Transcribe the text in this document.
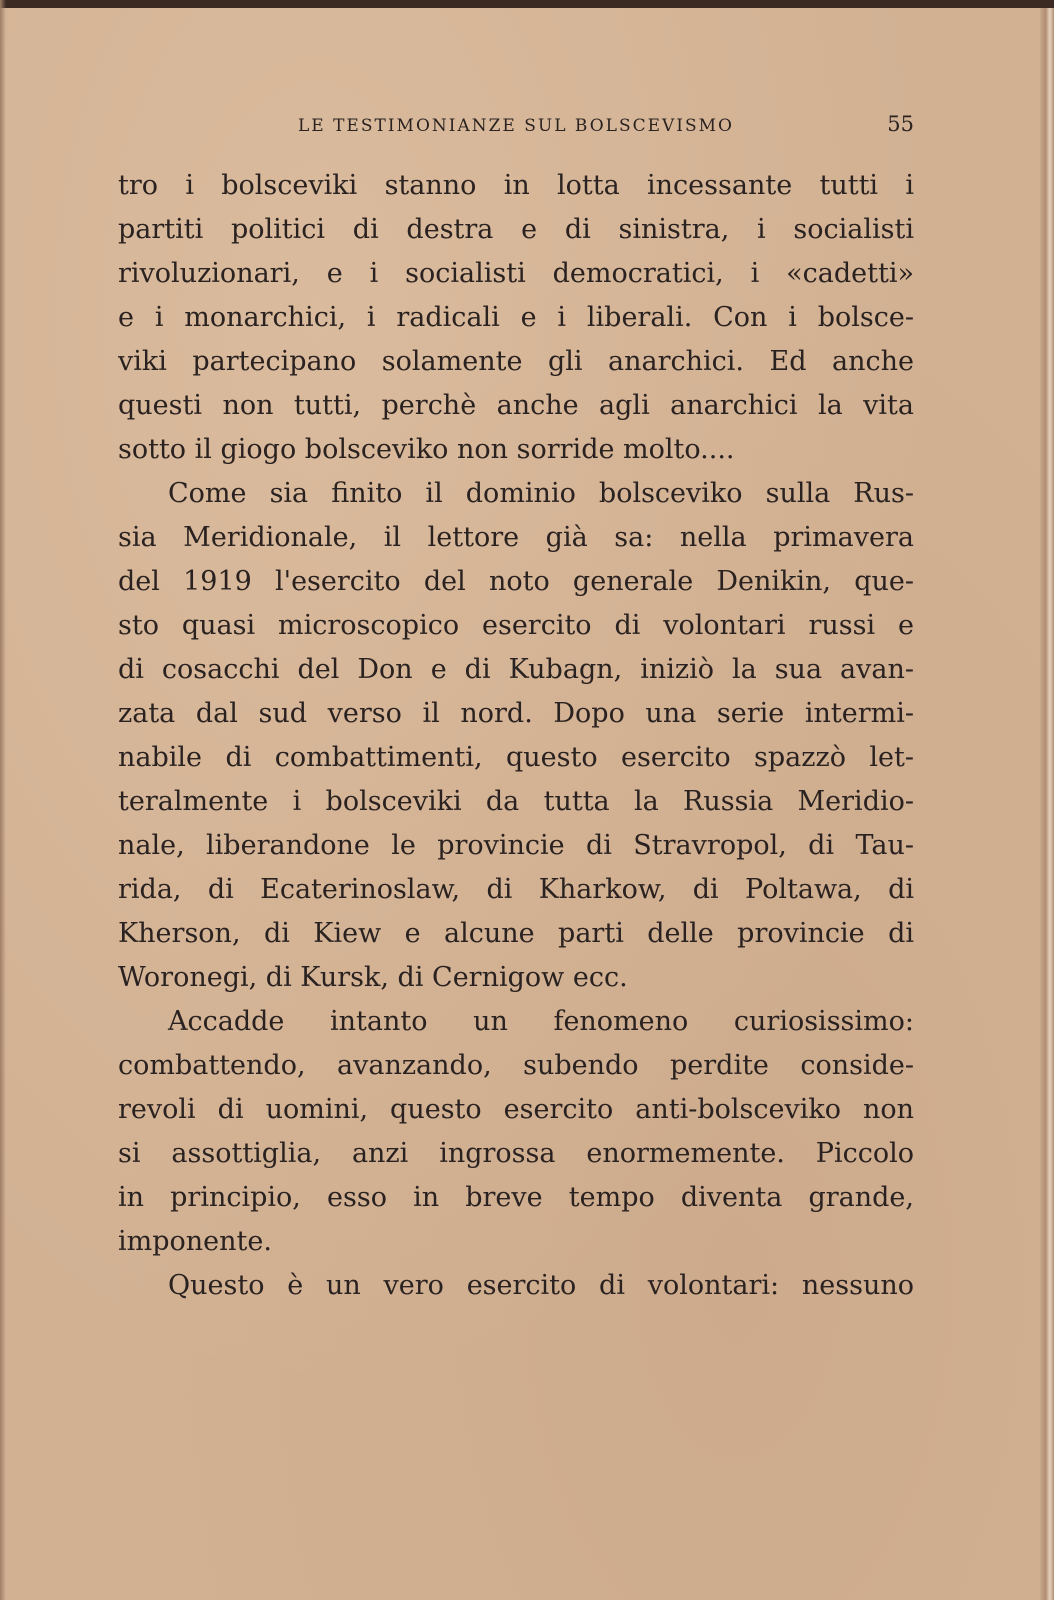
LE TESTIMONIANZE SUL BOLSCEVISMO	55
tro i bolsceviki stanno in lotta incessante tutti i
partiti politici di destra e di sinistra, i socialisti
rivoluzionari, e i socialisti democratici, i «cadetti»
e i monarchici, i radicali e i liberali. Con i bolsce-
viki partecipano solamente gli anarchici. Ed anche
questi non tutti, perchè anche agli anarchici la vita
sotto il giogo bolsceviko non sorride molto....
Come sia finito il dominio bolsceviko sulla Rus-
sia Meridionale, il lettore già sa: nella primavera
del 1919 l'esercito del noto generale Denikin, que-
sto quasi microscopico esercito di volontari russi e
di cosacchi del Don e di Kubagn, iniziò la sua avan-
zata dal sud verso il nord. Dopo una serie intermi-
nabile di combattimenti, questo esercito spazzò let-
teralmente i bolsceviki da tutta la Russia Meridio-
nale, liberandone le provincie di Stravropol, di Tau-
rida, di Ecaterinoslaw, di Kharkow, di Poltawa, di
Kherson, di Kiew e alcune parti delle provincie di
Woronegi, di Kursk, di Cernigow ecc.
Accadde intanto un fenomeno curiosissimo:
combattendo, avanzando, subendo perdite conside-
revoli di uomini, questo esercito anti-bolsceviko non
si assottiglia, anzi ingrossa enormemente. Piccolo
in principio, esso in breve tempo diventa grande,
imponente.
Questo è un vero esercito di volontari: nessuno
